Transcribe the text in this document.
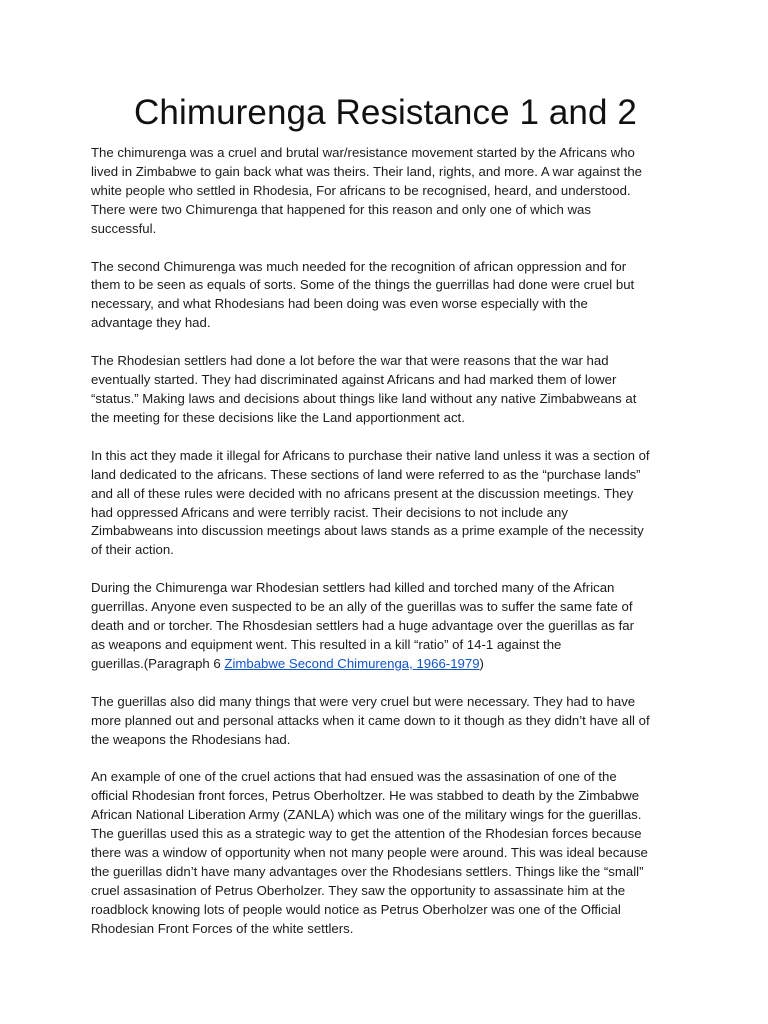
Chimurenga Resistance 1 and 2

The chimurenga was a cruel and brutal war/resistance movement started by the Africans who
lived in Zimbabwe to gain back what was theirs. Their land, rights, and more. A war against the
white people who settled in Rhodesia, For africans to be recognised, heard, and understood.
There were two Chimurenga that happened for this reason and only one of which was
successful.

The second Chimurenga was much needed for the recognition of african oppression and for
them to be seen as equals of sorts. Some of the things the guerrillas had done were cruel but
necessary, and what Rhodesians had been doing was even worse especially with the
advantage they had.

The Rhodesian settlers had done a lot before the war that were reasons that the war had
eventually started. They had discriminated against Africans and had marked them of lower
“status.” Making laws and decisions about things like land without any native Zimbabweans at
the meeting for these decisions like the Land apportionment act.

In this act they made it illegal for Africans to purchase their native land unless it was a section of
land dedicated to the africans. These sections of land were referred to as the “purchase lands”
and all of these rules were decided with no africans present at the discussion meetings. They
had oppressed Africans and were terribly racist. Their decisions to not include any
Zimbabweans into discussion meetings about laws stands as a prime example of the necessity
of their action.

During the Chimurenga war Rhodesian settlers had killed and torched many of the African
guerrillas. Anyone even suspected to be an ally of the guerillas was to suffer the same fate of
death and or torcher. The Rhosdesian settlers had a huge advantage over the guerillas as far
as weapons and equipment went. This resulted in a kill “ratio” of 14-1 against the
guerillas.(Paragraph 6 Zimbabwe Second Chimurenga, 1966-1979)

The guerillas also did many things that were very cruel but were necessary. They had to have
more planned out and personal attacks when it came down to it though as they didn’t have all of
the weapons the Rhodesians had.

An example of one of the cruel actions that had ensued was the assasination of one of the
official Rhodesian front forces, Petrus Oberholtzer. He was stabbed to death by the Zimbabwe
African National Liberation Army (ZANLA) which was one of the military wings for the guerillas.
The guerillas used this as a strategic way to get the attention of the Rhodesian forces because
there was a window of opportunity when not many people were around. This was ideal because
the guerillas didn’t have many advantages over the Rhodesians settlers. Things like the “small”
cruel assasination of Petrus Oberholzer. They saw the opportunity to assassinate him at the
roadblock knowing lots of people would notice as Petrus Oberholzer was one of the Official
Rhodesian Front Forces of the white settlers.
